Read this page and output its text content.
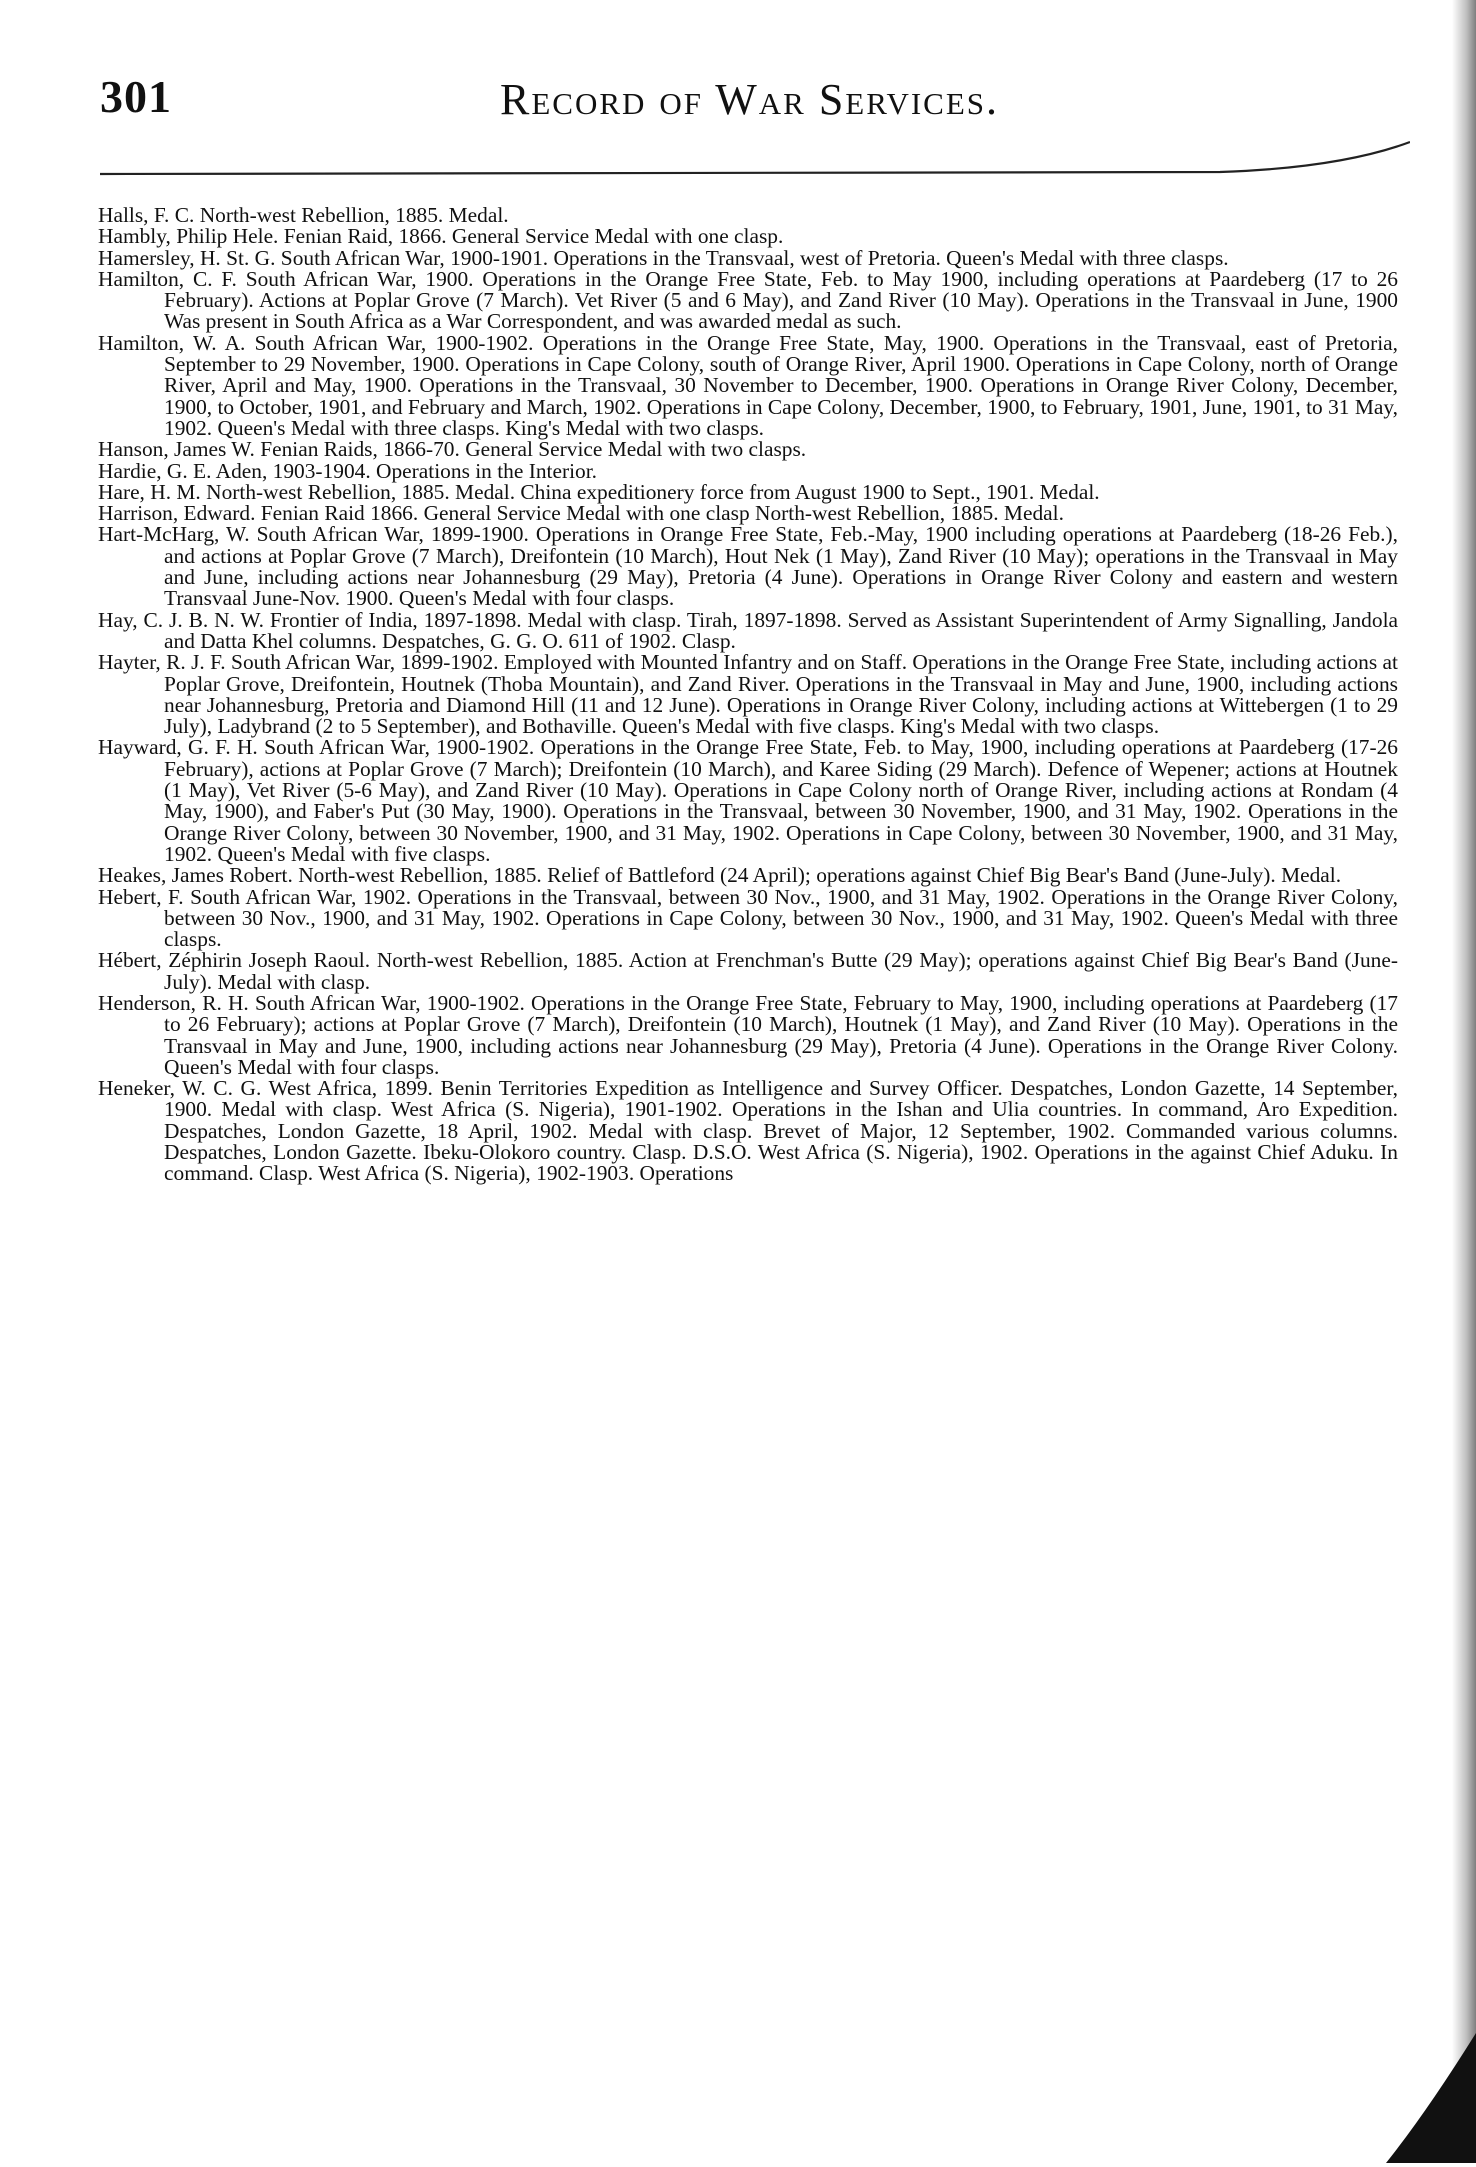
301	Record of War Services.
Halls, F. C. North-west Rebellion, 1885. Medal.
Hambly, Philip Hele. Fenian Raid, 1866. General Service Medal with one clasp.
Hamersley, H. St. G. South African War, 1900-1901. Operations in the Transvaal, west of Pretoria. Queen's Medal with three clasps.
Hamilton, C. F. South African War, 1900. Operations in the Orange Free State, Feb. to May 1900, including operations at Paardeberg (17 to 26 February). Actions at Poplar Grove (7 March). Vet River (5 and 6 May), and Zand River (10 May). Operations in the Transvaal in June, 1900 Was present in South Africa as a War Correspondent, and was awarded medal as such.
Hamilton, W. A. South African War, 1900-1902. Operations in the Orange Free State, May, 1900. Operations in the Transvaal, east of Pretoria, September to 29 November, 1900. Operations in Cape Colony, south of Orange River, April 1900. Operations in Cape Colony, north of Orange River, April and May, 1900. Operations in the Transvaal, 30 November to December, 1900. Operations in Orange River Colony, December, 1900, to October, 1901, and February and March, 1902. Operations in Cape Colony, December, 1900, to February, 1901, June, 1901, to 31 May, 1902. Queen's Medal with three clasps. King's Medal with two clasps.
Hanson, James W. Fenian Raids, 1866-70. General Service Medal with two clasps.
Hardie, G. E. Aden, 1903-1904. Operations in the Interior.
Hare, H. M. North-west Rebellion, 1885. Medal. China expeditionery force from August 1900 to Sept., 1901. Medal.
Harrison, Edward. Fenian Raid 1866. General Service Medal with one clasp North-west Rebellion, 1885. Medal.
Hart-McHarg, W. South African War, 1899-1900. Operations in Orange Free State, Feb.-May, 1900 including operations at Paardeberg (18-26 Feb.), and actions at Poplar Grove (7 March), Dreifontein (10 March), Hout Nek (1 May), Zand River (10 May); operations in the Transvaal in May and June, including actions near Johannesburg (29 May), Pretoria (4 June). Operations in Orange River Colony and eastern and western Transvaal June-Nov. 1900. Queen's Medal with four clasps.
Hay, C. J. B. N. W. Frontier of India, 1897-1898. Medal with clasp. Tirah, 1897-1898. Served as Assistant Superintendent of Army Signalling, Jandola and Datta Khel columns. Despatches, G. G. O. 611 of 1902. Clasp.
Hayter, R. J. F. South African War, 1899-1902. Employed with Mounted Infantry and on Staff. Operations in the Orange Free State, including actions at Poplar Grove, Dreifontein, Houtnek (Thoba Mountain), and Zand River. Operations in the Transvaal in May and June, 1900, including actions near Johannesburg, Pretoria and Diamond Hill (11 and 12 June). Operations in Orange River Colony, including actions at Wittebergen (1 to 29 July), Ladybrand (2 to 5 September), and Bothaville. Queen's Medal with five clasps. King's Medal with two clasps.
Hayward, G. F. H. South African War, 1900-1902. Operations in the Orange Free State, Feb. to May, 1900, including operations at Paardeberg (17-26 February), actions at Poplar Grove (7 March); Dreifontein (10 March), and Karee Siding (29 March). Defence of Wepener; actions at Houtnek (1 May), Vet River (5-6 May), and Zand River (10 May). Operations in Cape Colony north of Orange River, including actions at Rondam (4 May, 1900), and Faber's Put (30 May, 1900). Operations in the Transvaal, between 30 November, 1900, and 31 May, 1902. Operations in the Orange River Colony, between 30 November, 1900, and 31 May, 1902. Operations in Cape Colony, between 30 November, 1900, and 31 May, 1902. Queen's Medal with five clasps.
Heakes, James Robert. North-west Rebellion, 1885. Relief of Battleford (24 April); operations against Chief Big Bear's Band (June-July). Medal.
Hebert, F. South African War, 1902. Operations in the Transvaal, between 30 Nov., 1900, and 31 May, 1902. Operations in the Orange River Colony, between 30 Nov., 1900, and 31 May, 1902. Operations in Cape Colony, between 30 Nov., 1900, and 31 May, 1902. Queen's Medal with three clasps.
Hébert, Zéphirin Joseph Raoul. North-west Rebellion, 1885. Action at Frenchman's Butte (29 May); operations against Chief Big Bear's Band (June-July). Medal with clasp.
Henderson, R. H. South African War, 1900-1902. Operations in the Orange Free State, February to May, 1900, including operations at Paardeberg (17 to 26 February); actions at Poplar Grove (7 March), Dreifontein (10 March), Houtnek (1 May), and Zand River (10 May). Operations in the Transvaal in May and June, 1900, including actions near Johannesburg (29 May), Pretoria (4 June). Operations in the Orange River Colony. Queen's Medal with four clasps.
Heneker, W. C. G. West Africa, 1899. Benin Territories Expedition as Intelligence and Survey Officer. Despatches, London Gazette, 14 September, 1900. Medal with clasp. West Africa (S. Nigeria), 1901-1902. Operations in the Ishan and Ulia countries. In command, Aro Expedition. Despatches, London Gazette, 18 April, 1902. Medal with clasp. Brevet of Major, 12 September, 1902. Commanded various columns. Despatches, London Gazette. Ibeku-Olokoro country. Clasp. D.S.O. West Africa (S. Nigeria), 1902. Operations in the against Chief Aduku. In command. Clasp. West Africa (S. Nigeria), 1902-1903. Operations
